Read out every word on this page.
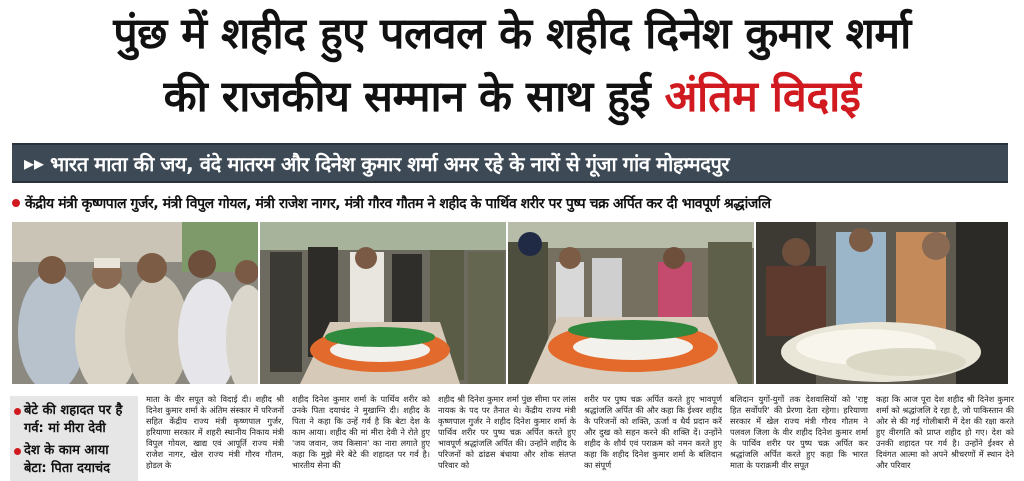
पुंछ में शहीद हुए पलवल के शहीद दिनेश कुमार शर्मा
की राजकीय सम्मान के साथ हुई अंतिम विदाई
▸▸ भारत माता की जय, वंदे मातरम और दिनेश कुमार शर्मा अमर रहे के नारों से गूंजा गांव मोहम्मदपुर
केंद्रीय मंत्री कृष्णपाल गुर्जर, मंत्री विपुल गोयल, मंत्री राजेश नागर, मंत्री गौरव गौतम ने शहीद के पार्थिव शरीर पर पुष्प चक्र अर्पित कर दी भावपूर्ण श्रद्धांजलि
बेटे की शहादत पर है गर्व: मां मीरा देवी
देश के काम आया बेटा: पिता दयाचंद
माता के वीर सपूत को विदाई दी। शहीद श्री दिनेश कुमार शर्मा के अंतिम संस्कार में परिजनों सहित केंद्रीय राज्य मंत्री कृष्णपाल गुर्जर, हरियाणा सरकार में शहरी स्थानीय निकाय मंत्री विपुल गोयल, खाद्य एवं आपूर्ति राज्य मंत्री राजेश नागर, खेल राज्य मंत्री गौरव गौतम, होडल के
शहीद दिनेश कुमार शर्मा के पार्थिव शरीर को उनके पिता दयाचंद ने मुखाग्नि दी। शहीद के पिता ने कहा कि उन्हें गर्व है कि बेटा देश के काम आया। शहीद की मां मीरा देवी ने रोते हुए 'जय जवान, जय किसान' का नारा लगाते हुए कहा कि मुझे मेरे बेटे की शहादत पर गर्व है। भारतीय सेना की
शहीद श्री दिनेश कुमार शर्मा पुंछ सीमा पर लांस नायक के पद पर तैनात थे। केंद्रीय राज्य मंत्री कृष्णपाल गुर्जर ने शहीद दिनेश कुमार शर्मा के पार्थिव शरीर पर पुष्प चक्र अर्पित करते हुए भावपूर्ण श्रद्धांजलि अर्पित की। उन्होंने शहीद के परिजनों को ढांढस बंधाया और शोक संतप्त परिवार को
शरीर पर पुष्प चक्र अर्पित करते हुए भावपूर्ण श्रद्धांजलि अर्पित की और कहा कि ईश्वर शहीद के परिजनों को शक्ति, ऊर्जा व धैर्य प्रदान करें और दुख को सहन करने की शक्ति दें। उन्होंने शहीद के शौर्य एवं पराक्रम को नमन करते हुए कहा कि शहीद दिनेश कुमार शर्मा के बलिदान का संपूर्ण
बलिदान युगों-युगों तक देशवासियों को 'राष्ट्र हित सर्वोपरि' की प्रेरणा देता रहेगा। हरियाणा सरकार में खेल राज्य मंत्री गौरव गौतम ने पलवल जिला के वीर शहीद दिनेश कुमार शर्मा के पार्थिव शरीर पर पुष्प चक्र अर्पित कर श्रद्धांजलि अर्पित करते हुए कहा कि भारत माता के पराक्रमी वीर सपूत
कहा कि आज पूरा देश शहीद श्री दिनेश कुमार शर्मा को श्रद्धांजलि दे रहा है, जो पाकिस्तान की ओर से की गई गोलीबारी में देश की रक्षा करते हुए वीरगति को प्राप्त शहीद हो गए। देश को उनकी शहादत पर गर्व है। उन्होंने ईश्वर से दिवंगत आत्मा को अपने श्रीचरणों में स्थान देने और परिवार
